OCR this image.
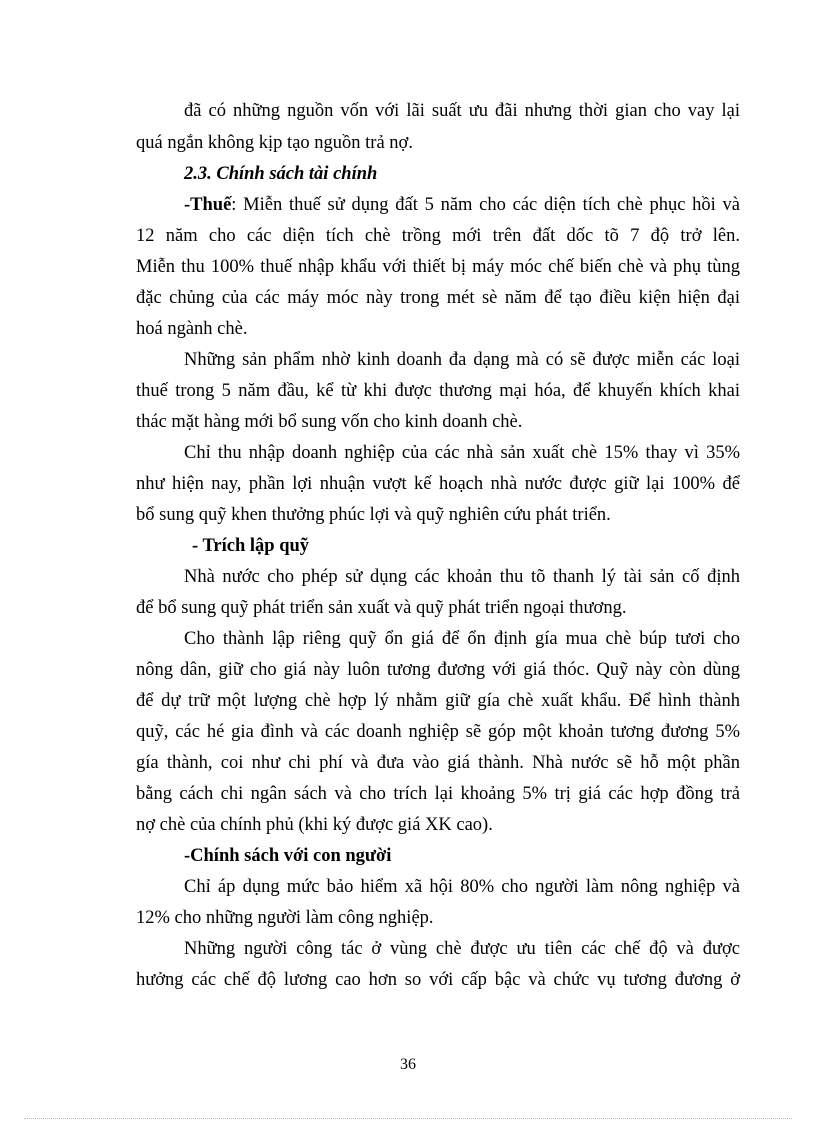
đã có những nguồn vốn với lãi suất ưu đãi nhưng thời gian cho vay lại
quá ngắn không kịp tạo nguồn trả nợ.
2.3. Chính sách tài chính
-Thuế: Miễn thuế sử dụng đất 5 năm cho các diện tích chè phục hồi và
12 năm cho các diện tích chè trồng mới trên đất dốc tõ 7 độ trở lên.
Miễn thu 100% thuế nhập khẩu với thiết bị máy móc chế biến chè và phụ tùng
đặc chủng của các máy móc này trong mét sè năm để tạo điều kiện hiện đại
hoá ngành chè.
Những sản phẩm nhờ kinh doanh đa dạng mà có sẽ được miễn các loại
thuế trong 5 năm đầu, kể từ khi được thương mại hóa, để khuyến khích khai
thác mặt hàng mới bổ sung vốn cho kinh doanh chè.
Chỉ thu nhập doanh nghiệp của các nhà sản xuất chè 15% thay vì 35%
như hiện nay, phần lợi nhuận vượt kế hoạch nhà nước được giữ lại 100% để
bổ sung quỹ khen thưởng phúc lợi và quỹ nghiên cứu phát triển.
- Trích lập quỹ
Nhà nước cho phép sử dụng các khoản thu tõ thanh lý tài sản cố định
để bổ sung quỹ phát triển sản xuất và quỹ phát triển ngoại thương.
Cho thành lập riêng quỹ ổn giá để ổn định gía mua chè búp tươi cho
nông dân, giữ cho giá này luôn tương đương với giá thóc. Quỹ này còn dùng
để dự trữ một lượng chè hợp lý nhằm giữ gía chè xuất khẩu. Để hình thành
quỹ, các hé gia đình và các doanh nghiệp sẽ góp một khoản tương đương 5%
gía thành, coi như chi phí và đưa vào giá thành. Nhà nước sẽ hỗ một phần
bằng cách chi ngân sách và cho trích lại khoảng 5% trị giá các hợp đồng trả
nợ chè của chính phủ (khi ký được giá XK cao).
-Chính sách với con người
Chỉ áp dụng mức bảo hiểm xã hội 80% cho người làm nông nghiệp và
12% cho những người làm công nghiệp.
Những người công tác ở vùng chè được ưu tiên các chế độ và được
hưởng các chế độ lương cao hơn so với cấp bậc và chức vụ tương đương ở
36
